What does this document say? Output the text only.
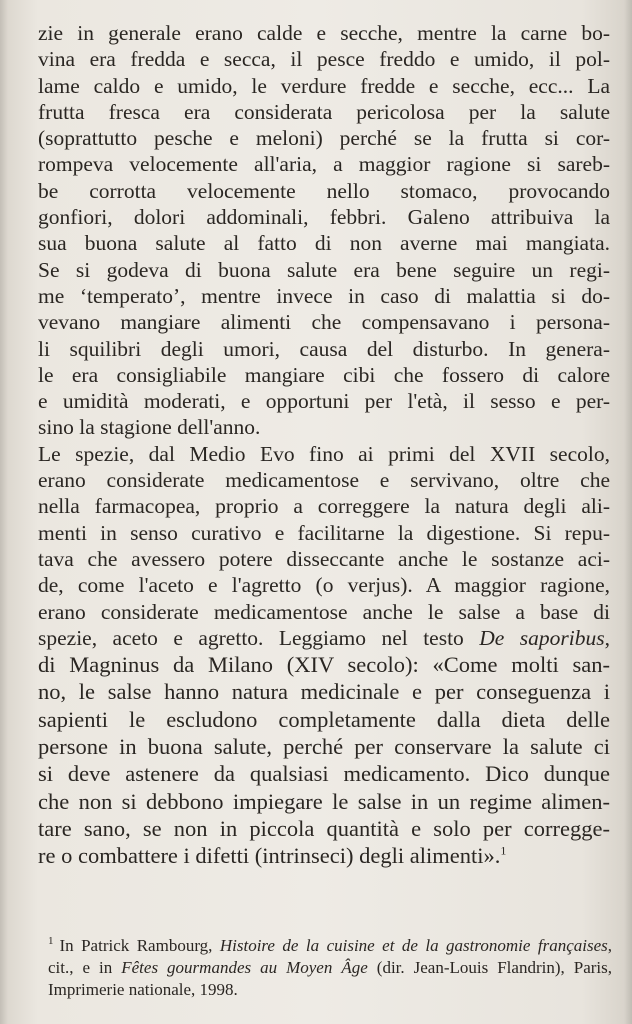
zie in generale erano calde e secche, mentre la carne bo-
vina era fredda e secca, il pesce freddo e umido, il pol-
lame caldo e umido, le verdure fredde e secche, ecc... La
frutta fresca era considerata pericolosa per la salute
(soprattutto pesche e meloni) perché se la frutta si cor-
rompeva velocemente all'aria, a maggior ragione si sareb-
be corrotta velocemente nello stomaco, provocando
gonfiori, dolori addominali, febbri. Galeno attribuiva la
sua buona salute al fatto di non averne mai mangiata.
Se si godeva di buona salute era bene seguire un regi-
me ‘temperato’, mentre invece in caso di malattia si do-
vevano mangiare alimenti che compensavano i persona-
li squilibri degli umori, causa del disturbo. In genera-
le era consigliabile mangiare cibi che fossero di calore
e umidità moderati, e opportuni per l'età, il sesso e per-
sino la stagione dell'anno.
Le spezie, dal Medio Evo fino ai primi del XVII secolo,
erano considerate medicamentose e servivano, oltre che
nella farmacopea, proprio a correggere la natura degli ali-
menti in senso curativo e facilitarne la digestione. Si repu-
tava che avessero potere disseccante anche le sostanze aci-
de, come l'aceto e l'agretto (o verjus). A maggior ragione,
erano considerate medicamentose anche le salse a base di
spezie, aceto e agretto. Leggiamo nel testo De saporibus,
di Magninus da Milano (XIV secolo): «Come molti san-
no, le salse hanno natura medicinale e per conseguenza i
sapienti le escludono completamente dalla dieta delle
persone in buona salute, perché per conservare la salute ci
si deve astenere da qualsiasi medicamento. Dico dunque
che non si debbono impiegare le salse in un regime alimen-
tare sano, se non in piccola quantità e solo per corregge-
re o combattere i difetti (intrinseci) degli alimenti».$^1$
$^1$ In Patrick Rambourg, Histoire de la cuisine et de la gastronomie françaises,
cit., e in Fêtes gourmandes au Moyen Âge (dir. Jean-Louis Flandrin), Paris,
Imprimerie nationale, 1998.
